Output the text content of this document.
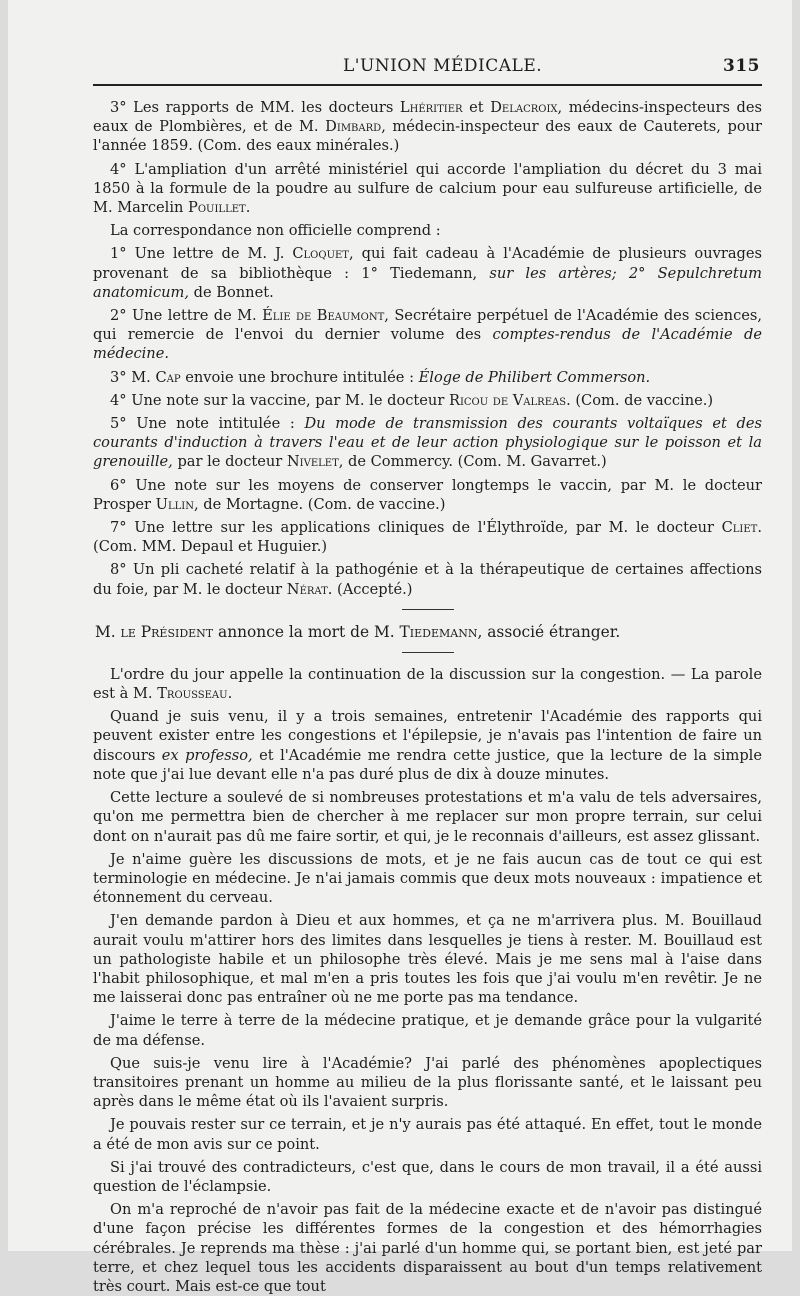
L'UNION MÉDICALE.	315

3° Les rapports de MM. les docteurs Lhéritier et Delacroix, médecins-inspecteurs des eaux de Plombières, et de M. Dimbard, médecin-inspecteur des eaux de Cauterets, pour l'année 1859. (Com. des eaux minérales.)

4° L'ampliation d'un arrêté ministériel qui accorde l'ampliation du décret du 3 mai 1850 à la formule de la poudre au sulfure de calcium pour eau sulfureuse artificielle, de M. Marcelin Pouillet.

La correspondance non officielle comprend :

1° Une lettre de M. J. Cloquet, qui fait cadeau à l'Académie de plusieurs ouvrages provenant de sa bibliothèque : 1° Tiedemann, sur les artères; 2° Sepulchretum anatomicum, de Bonnet.

2° Une lettre de M. Élie de Beaumont, Secrétaire perpétuel de l'Académie des sciences, qui remercie de l'envoi du dernier volume des comptes-rendus de l'Académie de médecine.

3° M. Cap envoie une brochure intitulée : Éloge de Philibert Commerson.

4° Une note sur la vaccine, par M. le docteur Ricou de Valreas. (Com. de vaccine.)

5° Une note intitulée : Du mode de transmission des courants voltaïques et des courants d'induction à travers l'eau et de leur action physiologique sur le poisson et la grenouille, par le docteur Nivelet, de Commercy. (Com. M. Gavarret.)

6° Une note sur les moyens de conserver longtemps le vaccin, par M. le docteur Prosper Ullin, de Mortagne. (Com. de vaccine.)

7° Une lettre sur les applications cliniques de l'Élythroïde, par M. le docteur Cliet. (Com. MM. Depaul et Huguier.)

8° Un pli cacheté relatif à la pathogénie et à la thérapeutique de certaines affections du foie, par M. le docteur Nérat. (Accepté.)

M. le Président annonce la mort de M. Tiedemann, associé étranger.

L'ordre du jour appelle la continuation de la discussion sur la congestion. — La parole est à M. Trousseau.

Quand je suis venu, il y a trois semaines, entretenir l'Académie des rapports qui peuvent exister entre les congestions et l'épilepsie, je n'avais pas l'intention de faire un discours ex professo, et l'Académie me rendra cette justice, que la lecture de la simple note que j'ai lue devant elle n'a pas duré plus de dix à douze minutes.

Cette lecture a soulevé de si nombreuses protestations et m'a valu de tels adversaires, qu'on me permettra bien de chercher à me replacer sur mon propre terrain, sur celui dont on n'aurait pas dû me faire sortir, et qui, je le reconnais d'ailleurs, est assez glissant.

Je n'aime guère les discussions de mots, et je ne fais aucun cas de tout ce qui est terminologie en médecine. Je n'ai jamais commis que deux mots nouveaux : impatience et étonnement du cerveau.

J'en demande pardon à Dieu et aux hommes, et ça ne m'arrivera plus. M. Bouillaud aurait voulu m'attirer hors des limites dans lesquelles je tiens à rester. M. Bouillaud est un pathologiste habile et un philosophe très élevé. Mais je me sens mal à l'aise dans l'habit philosophique, et mal m'en a pris toutes les fois que j'ai voulu m'en revêtir. Je ne me laisserai donc pas entraîner où ne me porte pas ma tendance.

J'aime le terre à terre de la médecine pratique, et je demande grâce pour la vulgarité de ma défense.

Que suis-je venu lire à l'Académie? J'ai parlé des phénomènes apoplectiques transitoires prenant un homme au milieu de la plus florissante santé, et le laissant peu après dans le même état où ils l'avaient surpris.

Je pouvais rester sur ce terrain, et je n'y aurais pas été attaqué. En effet, tout le monde a été de mon avis sur ce point.

Si j'ai trouvé des contradicteurs, c'est que, dans le cours de mon travail, il a été aussi question de l'éclampsie.

On m'a reproché de n'avoir pas fait de la médecine exacte et de n'avoir pas distingué d'une façon précise les différentes formes de la congestion et des hémorrhagies cérébrales. Je reprends ma thèse : j'ai parlé d'un homme qui, se portant bien, est jeté par terre, et chez lequel tous les accidents disparaissent au bout d'un temps relativement très court. Mais est-ce que tout
